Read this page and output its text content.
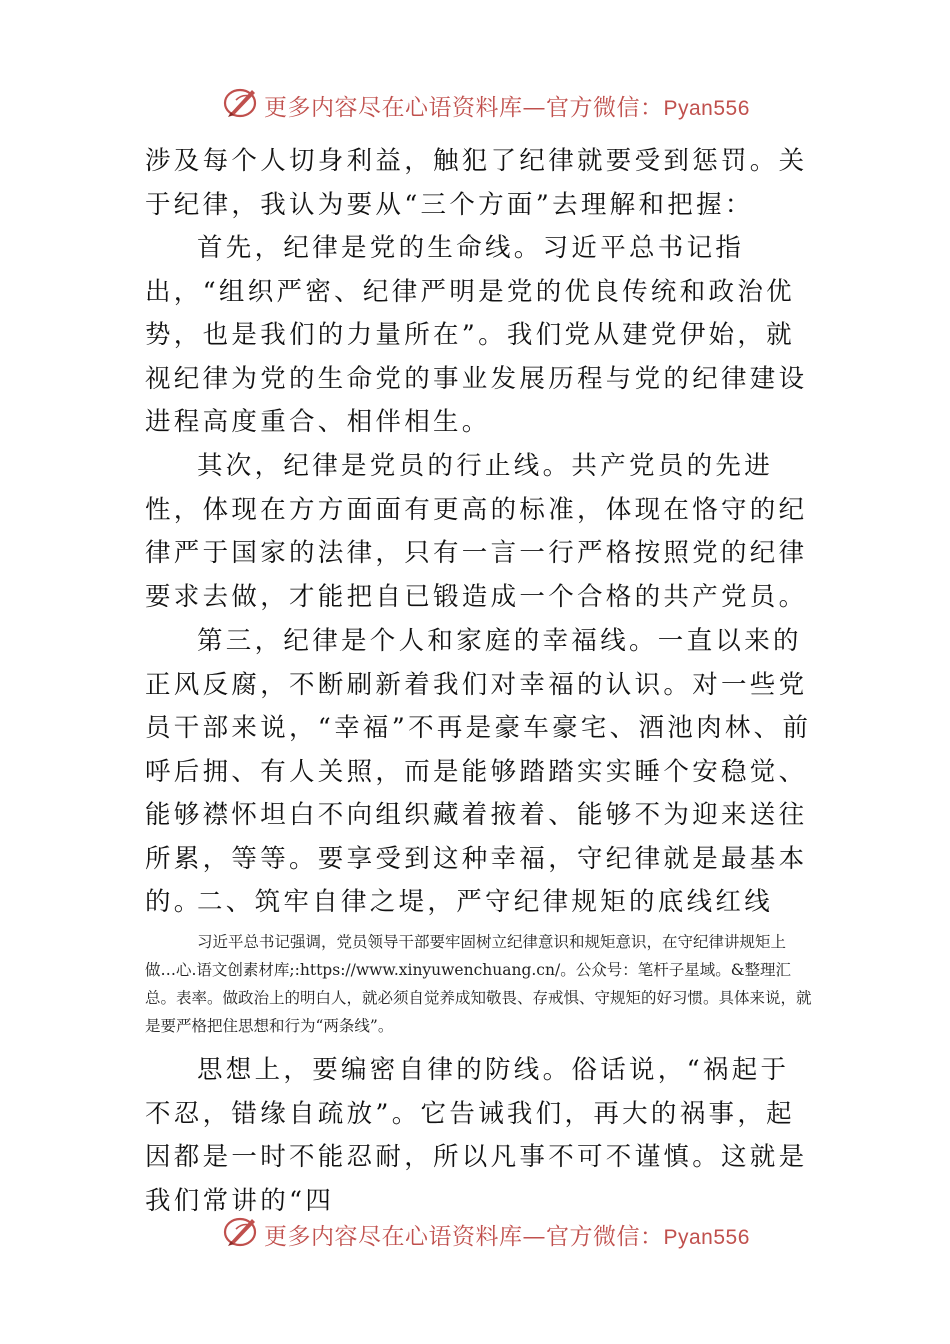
更多内容尽在心语资料库—官方微信：Pyan556

涉及每个人切身利益，触犯了纪律就要受到惩罚。关于纪律，我认为要从“三个方面”去理解和把握：

首先，纪律是党的生命线。习近平总书记指出，“组织严密、纪律严明是党的优良传统和政治优势，也是我们的力量所在”。我们党从建党伊始，就视纪律为党的生命党的事业发展历程与党的纪律建设进程高度重合、相伴相生。

其次，纪律是党员的行止线。共产党员的先进性，体现在方方面面有更高的标准，体现在恪守的纪律严于国家的法律，只有一言一行严格按照党的纪律要求去做，才能把自已锻造成一个合格的共产党员。

第三，纪律是个人和家庭的幸福线。一直以来的正风反腐，不断刷新着我们对幸福的认识。对一些党员干部来说，“幸福”不再是豪车豪宅、酒池肉林、前呼后拥、有人关照，而是能够踏踏实实睡个安稳觉、能够襟怀坦白不向组织藏着掖着、能够不为迎来送往所累，等等。要享受到这种幸福，守纪律就是最基本的。

二、筑牢自律之堤，严守纪律规矩的底线红线

习近平总书记强调，党员领导干部要牢固树立纪律意识和规矩意识，在守纪律讲规矩上做…心.语文创素材库;:https://www.xinyuwenchuang.cn/。公众号：笔杆子星域。&整理汇总。表率。做政治上的明白人，就必须自觉养成知敬畏、存戒惧、守规矩的好习惯。具体来说，就是要严格把住思想和行为“两条线”。

思想上，要编密自律的防线。俗话说，“祸起于不忍，错缘自疏放”。它告诫我们，再大的祸事，起因都是一时不能忍耐，所以凡事不可不谨慎。这就是我们常讲的“四

更多内容尽在心语资料库—官方微信：Pyan556
